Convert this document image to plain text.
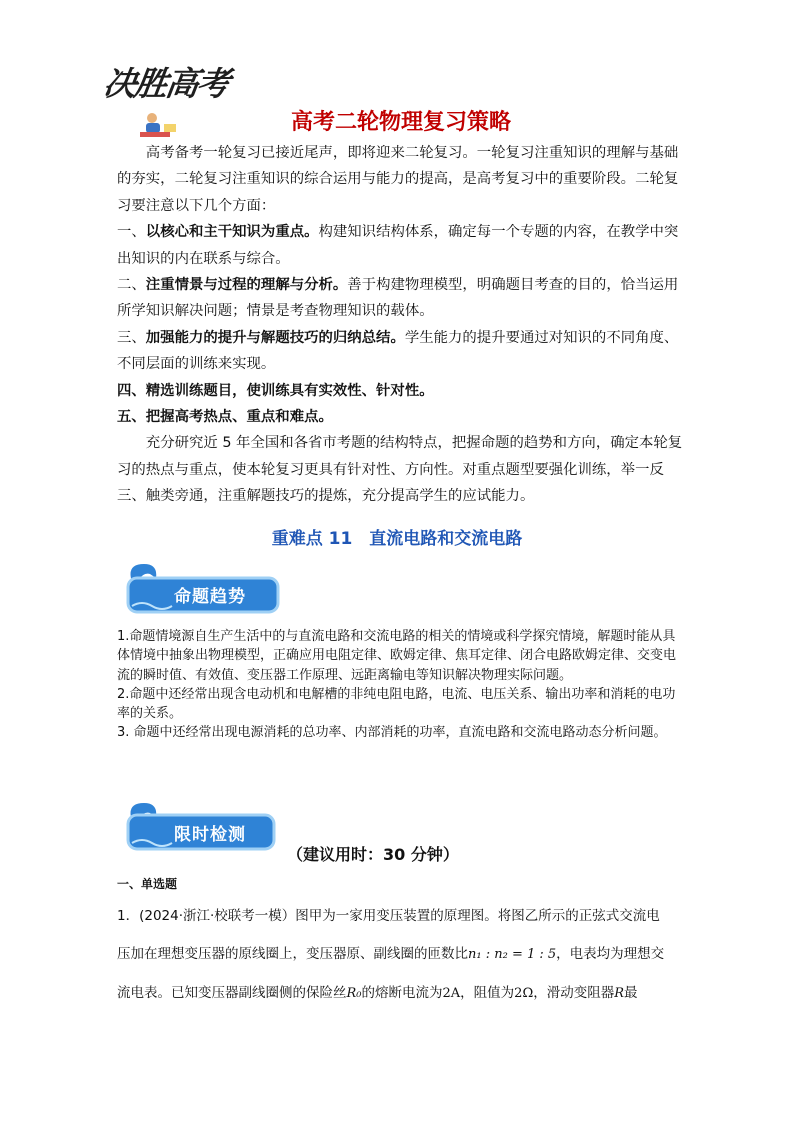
决胜高考
高考二轮物理复习策略

高考备考一轮复习已接近尾声，即将迎来二轮复习。一轮复习注重知识的理解与基础的夯实，二轮复习注重知识的综合运用与能力的提高，是高考复习中的重要阶段。二轮复习要注意以下几个方面：

一、以核心和主干知识为重点。构建知识结构体系，确定每一个专题的内容，在教学中突出知识的内在联系与综合。

二、注重情景与过程的理解与分析。善于构建物理模型，明确题目考查的目的，恰当运用所学知识解决问题；情景是考查物理知识的载体。

三、加强能力的提升与解题技巧的归纳总结。学生能力的提升要通过对知识的不同角度、不同层面的训练来实现。

四、精选训练题目，使训练具有实效性、针对性。

五、把握高考热点、重点和难点。

充分研究近 5 年全国和各省市考题的结构特点，把握命题的趋势和方向，确定本轮复习的热点与重点，使本轮复习更具有针对性、方向性。对重点题型要强化训练，举一反三、触类旁通，注重解题技巧的提炼，充分提高学生的应试能力。

重难点 11　直流电路和交流电路
命题趋势

1.命题情境源自生产生活中的与直流电路和交流电路的相关的情境或科学探究情境，解题时能从具体情境中抽象出物理模型，正确应用电阻定律、欧姆定律、焦耳定律、闭合电路欧姆定律、交变电流的瞬时值、有效值、变压器工作原理、远距离输电等知识解决物理实际问题。

2.命题中还经常出现含电动机和电解槽的非纯电阻电路，电流、电压关系、输出功率和消耗的电功率的关系。

3. 命题中还经常出现电源消耗的总功率、内部消耗的功率，直流电路和交流电路动态分析问题。

限时检测
（建议用时：30 分钟）
一、单选题

1．(2024·浙江·校联考一模）图甲为一家用变压装置的原理图。将图乙所示的正弦式交流电

压加在理想变压器的原线圈上，变压器原、副线圈的匝数比n₁ : n₂ = 1 : 5，电表均为理想交

流电表。已知变压器副线圈侧的保险丝R₀的熔断电流为2A，阻值为2Ω，滑动变阻器R最
